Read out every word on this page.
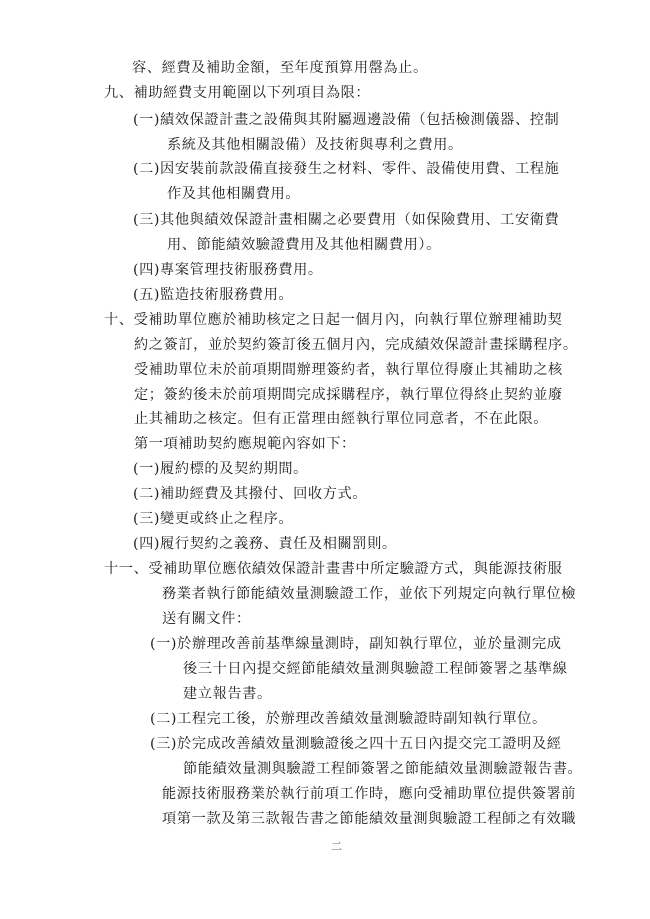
容、經費及補助金額，至年度預算用罄為止。
九、補助經費支用範圍以下列項目為限：
(一)績效保證計畫之設備與其附屬週邊設備（包括檢測儀器、控制
系統及其他相關設備）及技術與專利之費用。
(二)因安裝前款設備直接發生之材料、零件、設備使用費、工程施
作及其他相關費用。
(三)其他與績效保證計畫相關之必要費用（如保險費用、工安衛費
用、節能績效驗證費用及其他相關費用）。
(四)專案管理技術服務費用。
(五)監造技術服務費用。
十、受補助單位應於補助核定之日起一個月內，向執行單位辦理補助契
約之簽訂，並於契約簽訂後五個月內，完成績效保證計畫採購程序。
受補助單位未於前項期間辦理簽約者，執行單位得廢止其補助之核
定；簽約後未於前項期間完成採購程序，執行單位得終止契約並廢
止其補助之核定。但有正當理由經執行單位同意者，不在此限。
第一項補助契約應規範內容如下：
(一)履約標的及契約期間。
(二)補助經費及其撥付、回收方式。
(三)變更或終止之程序。
(四)履行契約之義務、責任及相關罰則。
十一、受補助單位應依績效保證計畫書中所定驗證方式，與能源技術服
務業者執行節能績效量測驗證工作，並依下列規定向執行單位檢
送有關文件：
(一)於辦理改善前基準線量測時，副知執行單位，並於量測完成
後三十日內提交經節能績效量測與驗證工程師簽署之基準線
建立報告書。
(二)工程完工後，於辦理改善績效量測驗證時副知執行單位。
(三)於完成改善績效量測驗證後之四十五日內提交完工證明及經
節能績效量測與驗證工程師簽署之節能績效量測驗證報告書。
能源技術服務業於執行前項工作時，應向受補助單位提供簽署前
項第一款及第三款報告書之節能績效量測與驗證工程師之有效職
二
